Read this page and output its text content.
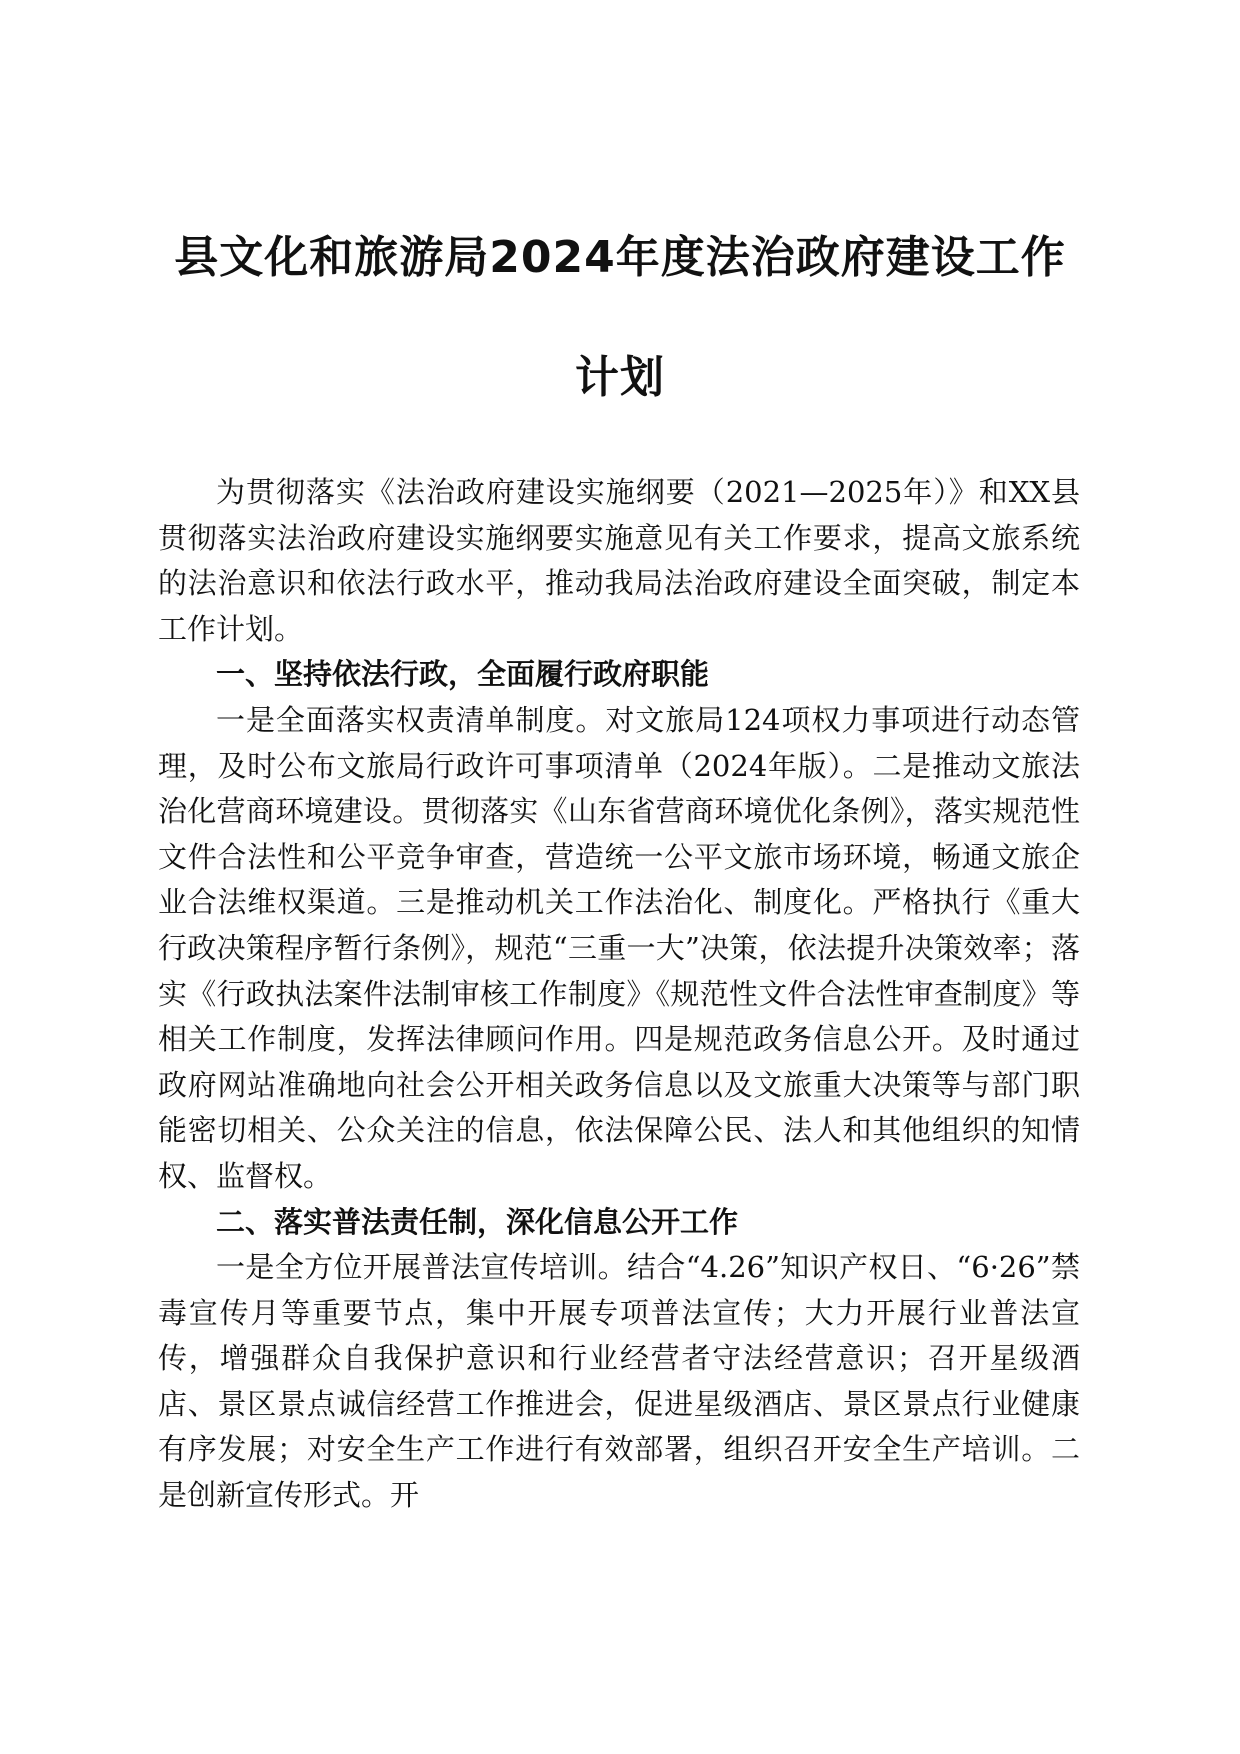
县文化和旅游局2024年度法治政府建设工作
计划

为贯彻落实《法治政府建设实施纲要（2021—2025年）》和XX县贯彻落实法治政府建设实施纲要实施意见有关工作要求，提高文旅系统的法治意识和依法行政水平，推动我局法治政府建设全面突破，制定本工作计划。

一、坚持依法行政，全面履行政府职能

一是全面落实权责清单制度。对文旅局124项权力事项进行动态管理，及时公布文旅局行政许可事项清单（2024年版）。二是推动文旅法治化营商环境建设。贯彻落实《山东省营商环境优化条例》，落实规范性文件合法性和公平竞争审查，营造统一公平文旅市场环境，畅通文旅企业合法维权渠道。三是推动机关工作法治化、制度化。严格执行《重大行政决策程序暂行条例》，规范“三重一大”决策，依法提升决策效率；落实《行政执法案件法制审核工作制度》《规范性文件合法性审查制度》等相关工作制度，发挥法律顾问作用。四是规范政务信息公开。及时通过政府网站准确地向社会公开相关政务信息以及文旅重大决策等与部门职能密切相关、公众关注的信息，依法保障公民、法人和其他组织的知情权、监督权。

二、落实普法责任制，深化信息公开工作

一是全方位开展普法宣传培训。结合“4.26”知识产权日、“6·26”禁毒宣传月等重要节点，集中开展专项普法宣传；大力开展行业普法宣传，增强群众自我保护意识和行业经营者守法经营意识；召开星级酒店、景区景点诚信经营工作推进会，促进星级酒店、景区景点行业健康有序发展；对安全生产工作进行有效部署，组织召开安全生产培训。二是创新宣传形式。开
